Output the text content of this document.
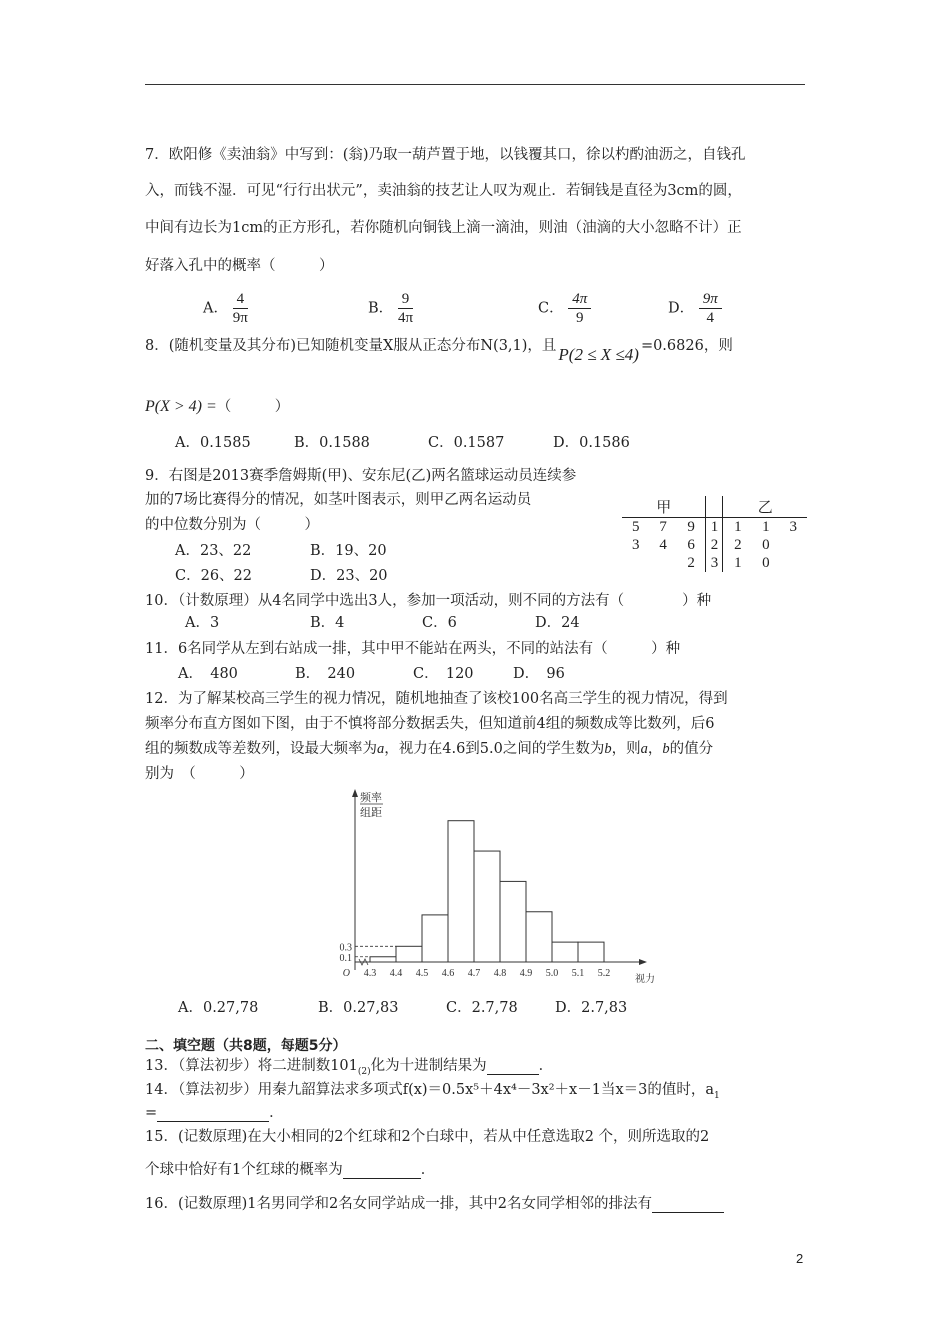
7．欧阳修《卖油翁》中写到：(翁)乃取一葫芦置于地，以钱覆其口，徐以杓酌油沥之，自钱孔
入，而钱不湿．可见“行行出状元”，卖油翁的技艺让人叹为观止．若铜钱是直径为3cm的圆，
中间有边长为1cm的正方形孔，若你随机向铜钱上滴一滴油，则油（油滴的大小忽略不计）正
好落入孔中的概率（　　　）
A． $\frac{4}{9\pi}$	B． $\frac{9}{4\pi}$	C． $\frac{4\pi}{9}$	D． $\frac{9\pi}{4}$
8．(随机变量及其分布)已知随机变量X服从正态分布N(3,1)，且 P(2 ≤ X ≤4) =0.6826，则
P(X > 4) =（　　　）
A．0.1585	B．0.1588	C．0.1587	D．0.1586
9．右图是2013赛季詹姆斯(甲)、安东尼(乙)两名篮球运动员连续参
加的7场比赛得分的情况，如茎叶图表示，则甲乙两名运动员
的中位数分别为（　　　）
A．23、22	B．19、20
C．26、22	D．23、20
甲				乙		
5	7	9	1	1	1	3
3	4	6	2	2	0	
		2	3	1	0	
10．（计数原理）从4名同学中选出3人，参加一项活动，则不同的方法有（　　　　）种
A．3	B．4	C．6	D．24
11．6名同学从左到右站成一排，其中甲不能站在两头，不同的站法有（　　　）种
A．　480	B．　240	C．　120	D．　96
12．为了解某校高三学生的视力情况，随机地抽查了该校100名高三学生的视力情况，得到
频率分布直方图如下图，由于不慎将部分数据丢失，但知道前4组的频数成等比数列，后6
组的频数成等差数列，设最大频率为a，视力在4.6到5.0之间的学生数为b，则a，b的值分
别为　（　　　）
频率
组距
0.1
0.3
4.3 4.4 4.5 4.6 4.7 4.8 4.9 5.0 5.1 5.2
O
视力
A．0.27,78	B．0.27,83	C．2.7,78	D．2.7,83
二、填空题（共8题，每题5分）
13．（算法初步）将二进制数$101_{(2)}$化为十进制结果为	．
14．（算法初步）用秦九韶算法求多项式f(x)＝0.5x⁵＋4x⁴－3x²＋x－1当x＝3的值时，$a_1$
=	．
15．(记数原理)在大小相同的2个红球和2个白球中，若从中任意选取2 个，则所选取的2
个球中恰好有1个红球的概率为	．
16．(记数原理)1名男同学和2名女同学站成一排，其中2名女同学相邻的排法有
2
